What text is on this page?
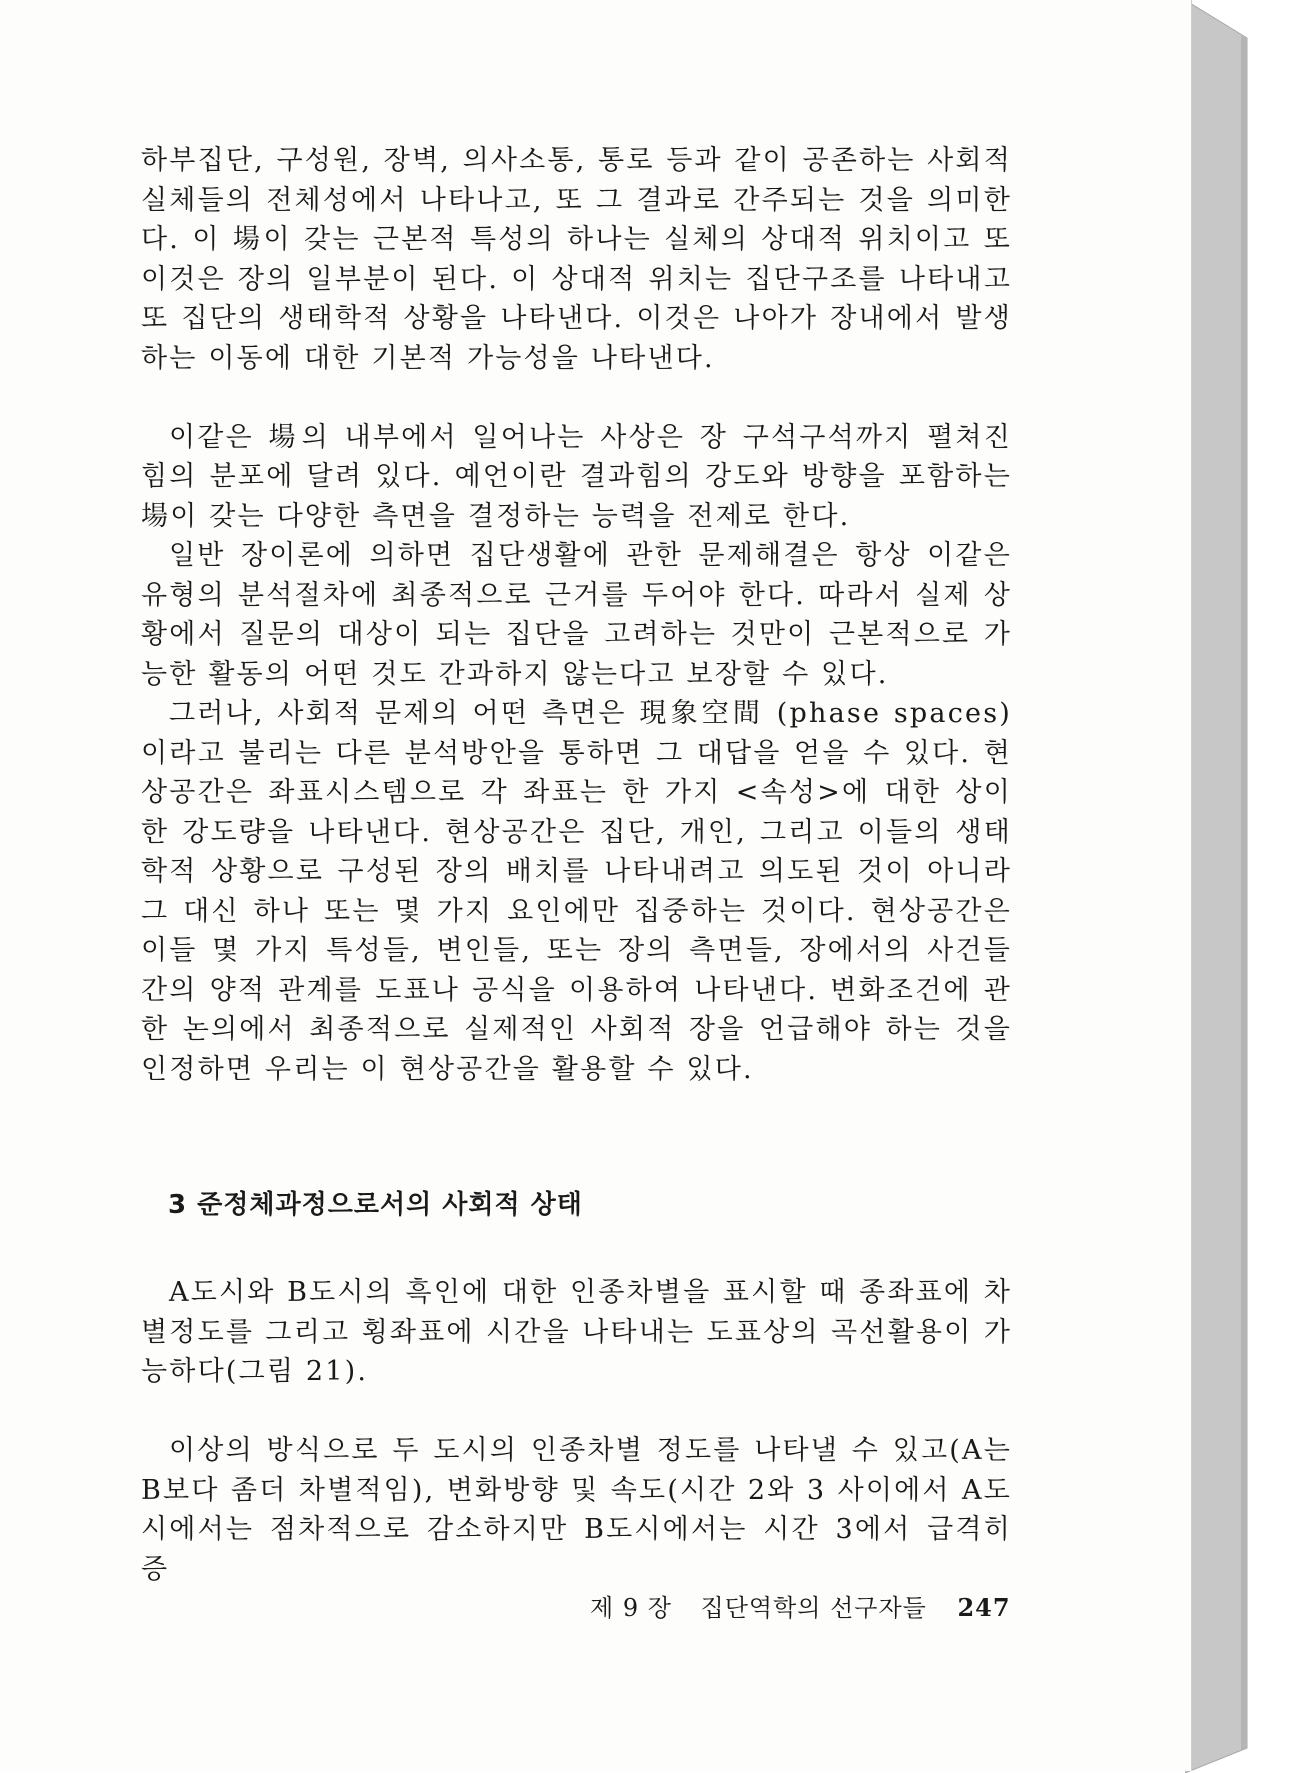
하부집단, 구성원, 장벽, 의사소통, 통로 등과 같이 공존하는 사회적 실체들의 전체성에서 나타나고, 또 그 결과로 간주되는 것을 의미한다. 이 場이 갖는 근본적 특성의 하나는 실체의 상대적 위치이고 또 이것은 장의 일부분이 된다. 이 상대적 위치는 집단구조를 나타내고 또 집단의 생태학적 상황을 나타낸다. 이것은 나아가 장내에서 발생하는 이동에 대한 기본적 가능성을 나타낸다.

이같은 場의 내부에서 일어나는 사상은 장 구석구석까지 펼쳐진 힘의 분포에 달려 있다. 예언이란 결과힘의 강도와 방향을 포함하는 場이 갖는 다양한 측면을 결정하는 능력을 전제로 한다.

일반 장이론에 의하면 집단생활에 관한 문제해결은 항상 이같은 유형의 분석절차에 최종적으로 근거를 두어야 한다. 따라서 실제 상황에서 질문의 대상이 되는 집단을 고려하는 것만이 근본적으로 가능한 활동의 어떤 것도 간과하지 않는다고 보장할 수 있다.

그러나, 사회적 문제의 어떤 측면은 現象空間 (phase spaces)이라고 불리는 다른 분석방안을 통하면 그 대답을 얻을 수 있다. 현상공간은 좌표시스템으로 각 좌표는 한 가지 <속성>에 대한 상이한 강도량을 나타낸다. 현상공간은 집단, 개인, 그리고 이들의 생태학적 상황으로 구성된 장의 배치를 나타내려고 의도된 것이 아니라 그 대신 하나 또는 몇 가지 요인에만 집중하는 것이다. 현상공간은 이들 몇 가지 특성들, 변인들, 또는 장의 측면들, 장에서의 사건들 간의 양적 관계를 도표나 공식을 이용하여 나타낸다. 변화조건에 관한 논의에서 최종적으로 실제적인 사회적 장을 언급해야 하는 것을 인정하면 우리는 이 현상공간을 활용할 수 있다.

3 준정체과정으로서의 사회적 상태

A도시와 B도시의 흑인에 대한 인종차별을 표시할 때 종좌표에 차별정도를 그리고 횡좌표에 시간을 나타내는 도표상의 곡선활용이 가능하다(그림 21).

이상의 방식으로 두 도시의 인종차별 정도를 나타낼 수 있고(A는 B보다 좀더 차별적임), 변화방향 및 속도(시간 2와 3 사이에서 A도시에서는 점차적으로 감소하지만 B도시에서는 시간 3에서 급격히 증

제 9 장 집단역학의 선구자들 247
